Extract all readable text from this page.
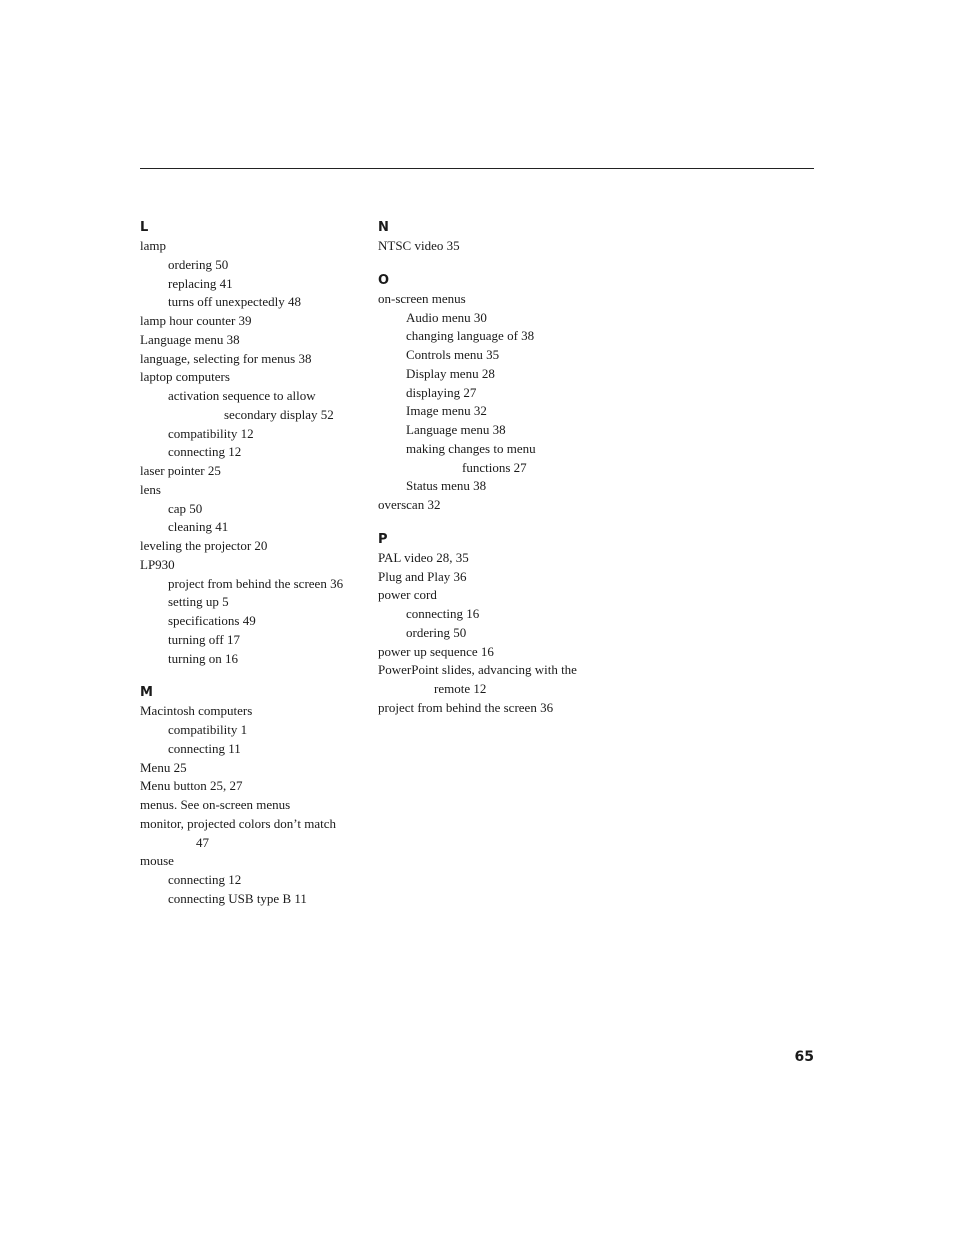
L
lamp
ordering 50
replacing 41
turns off unexpectedly 48
lamp hour counter 39
Language menu 38
language, selecting for menus 38
laptop computers
activation sequence to allow
secondary display 52
compatibility 12
connecting 12
laser pointer 25
lens
cap 50
cleaning 41
leveling the projector 20
LP930
project from behind the screen 36
setting up 5
specifications 49
turning off 17
turning on 16
M
Macintosh computers
compatibility 1
connecting 11
Menu 25
Menu button 25, 27
menus. See on-screen menus
monitor, projected colors don’t match
47
mouse
connecting 12
connecting USB type B 11
N
NTSC video 35
O
on-screen menus
Audio menu 30
changing language of 38
Controls menu 35
Display menu 28
displaying 27
Image menu 32
Language menu 38
making changes to menu
functions 27
Status menu 38
overscan 32
P
PAL video 28, 35
Plug and Play 36
power cord
connecting 16
ordering 50
power up sequence 16
PowerPoint slides, advancing with the
remote 12
project from behind the screen 36
65
